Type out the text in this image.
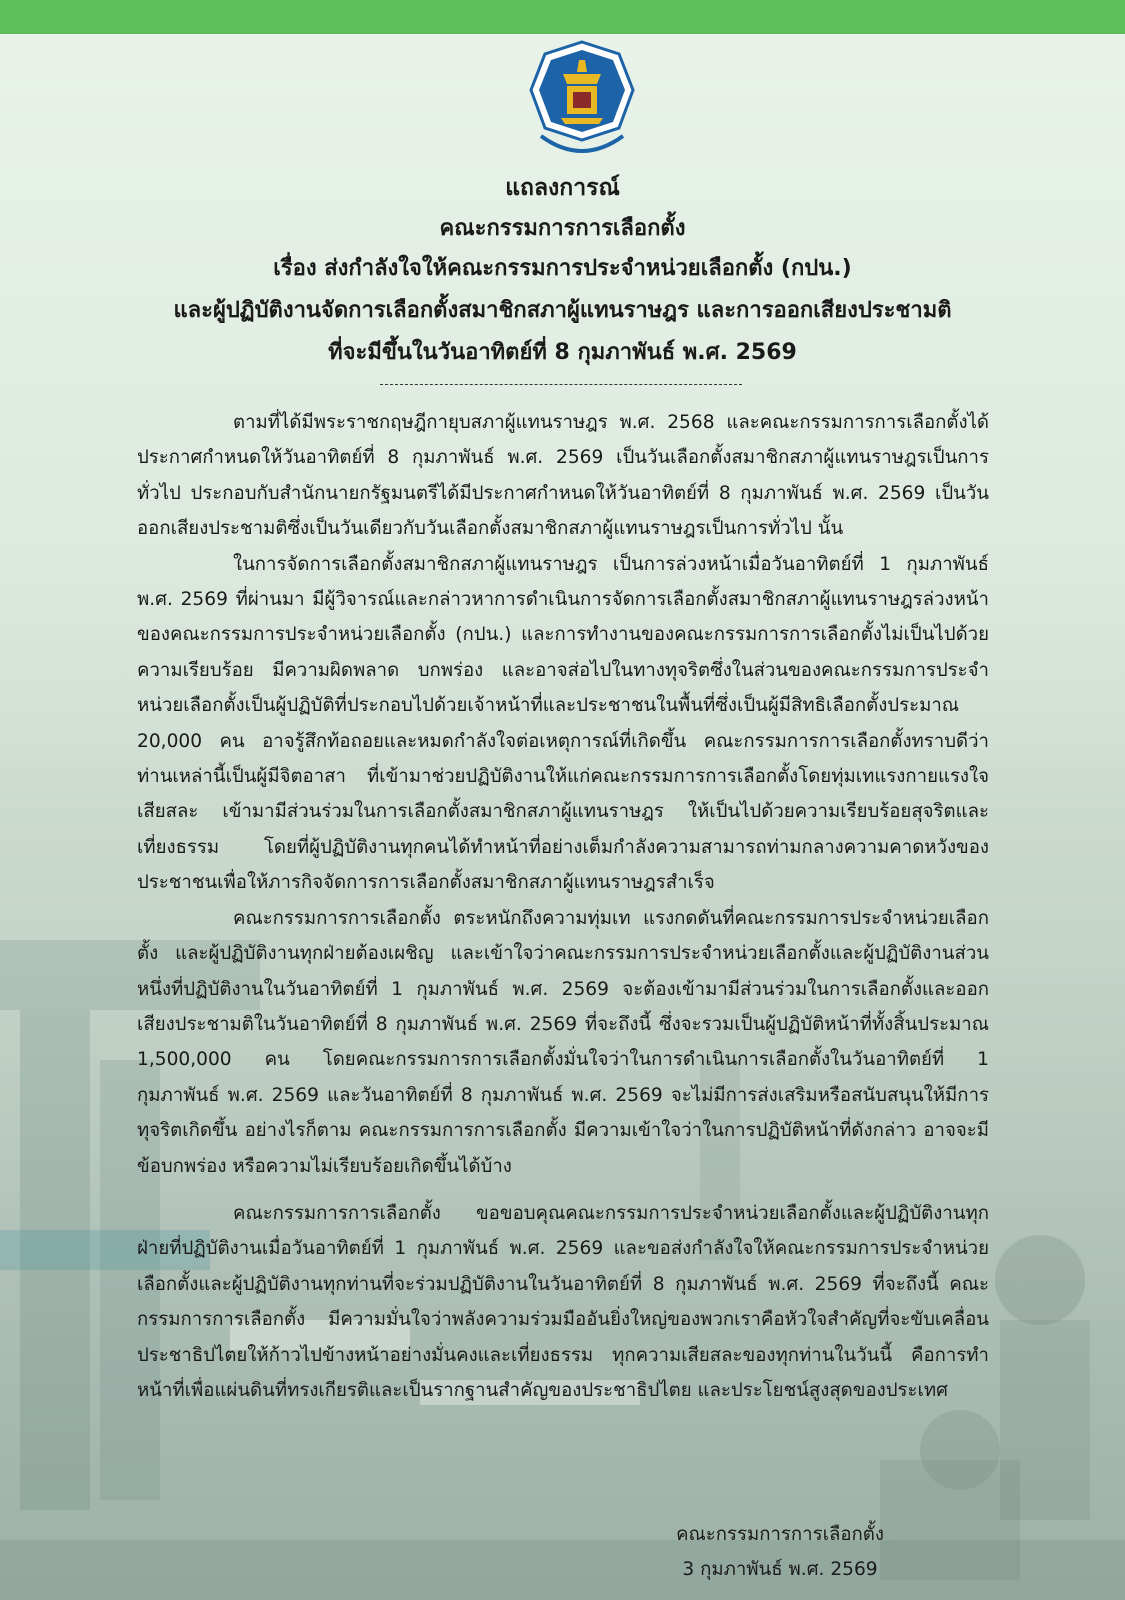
แถลงการณ์
คณะกรรมการการเลือกตั้ง
เรื่อง ส่งกำลังใจให้คณะกรรมการประจำหน่วยเลือกตั้ง (กปน.)
และผู้ปฏิบัติงานจัดการเลือกตั้งสมาชิกสภาผู้แทนราษฎร และการออกเสียงประชามติ
ที่จะมีขึ้นในวันอาทิตย์ที่ 8 กุมภาพันธ์ พ.ศ. 2569

ตามที่ได้มีพระราชกฤษฎีกายุบสภาผู้แทนราษฎร พ.ศ. 2568 และคณะกรรมการการเลือกตั้งได้ประกาศกำหนดให้วันอาทิตย์ที่ 8 กุมภาพันธ์ พ.ศ. 2569 เป็นวันเลือกตั้งสมาชิกสภาผู้แทนราษฎรเป็นการทั่วไป ประกอบกับสำนักนายกรัฐมนตรีได้มีประกาศกำหนดให้วันอาทิตย์ที่ 8 กุมภาพันธ์ พ.ศ. 2569 เป็นวันออกเสียงประชามติซึ่งเป็นวันเดียวกับวันเลือกตั้งสมาชิกสภาผู้แทนราษฎรเป็นการทั่วไป นั้น

ในการจัดการเลือกตั้งสมาชิกสภาผู้แทนราษฎร เป็นการล่วงหน้าเมื่อวันอาทิตย์ที่ 1 กุมภาพันธ์ พ.ศ. 2569 ที่ผ่านมา มีผู้วิจารณ์และกล่าวหาการดำเนินการจัดการเลือกตั้งสมาชิกสภาผู้แทนราษฎรล่วงหน้าของคณะกรรมการประจำหน่วยเลือกตั้ง (กปน.) และการทำงานของคณะกรรมการการเลือกตั้งไม่เป็นไปด้วยความเรียบร้อย มีความผิดพลาด บกพร่อง และอาจส่อไปในทางทุจริตซึ่งในส่วนของคณะกรรมการประจำหน่วยเลือกตั้งเป็นผู้ปฏิบัติที่ประกอบไปด้วยเจ้าหน้าที่และประชาชนในพื้นที่ซึ่งเป็นผู้มีสิทธิเลือกตั้งประมาณ 20,000 คน อาจรู้สึกท้อถอยและหมดกำลังใจต่อเหตุการณ์ที่เกิดขึ้น คณะกรรมการการเลือกตั้งทราบดีว่าท่านเหล่านี้เป็นผู้มีจิตอาสา ที่เข้ามาช่วยปฏิบัติงานให้แก่คณะกรรมการการเลือกตั้งโดยทุ่มเทแรงกายแรงใจ เสียสละ เข้ามามีส่วนร่วมในการเลือกตั้งสมาชิกสภาผู้แทนราษฎร ให้เป็นไปด้วยความเรียบร้อยสุจริตและเที่ยงธรรม โดยที่ผู้ปฏิบัติงานทุกคนได้ทำหน้าที่อย่างเต็มกำลังความสามารถท่ามกลางความคาดหวังของประชาชนเพื่อให้ภารกิจจัดการการเลือกตั้งสมาชิกสภาผู้แทนราษฎรสำเร็จ

คณะกรรมการการเลือกตั้ง ตระหนักถึงความทุ่มเท แรงกดดันที่คณะกรรมการประจำหน่วยเลือกตั้ง และผู้ปฏิบัติงานทุกฝ่ายต้องเผชิญ และเข้าใจว่าคณะกรรมการประจำหน่วยเลือกตั้งและผู้ปฏิบัติงานส่วนหนึ่งที่ปฏิบัติงานในวันอาทิตย์ที่ 1 กุมภาพันธ์ พ.ศ. 2569 จะต้องเข้ามามีส่วนร่วมในการเลือกตั้งและออกเสียงประชามติในวันอาทิตย์ที่ 8 กุมภาพันธ์ พ.ศ. 2569 ที่จะถึงนี้ ซึ่งจะรวมเป็นผู้ปฏิบัติหน้าที่ทั้งสิ้นประมาณ 1,500,000 คน โดยคณะกรรมการการเลือกตั้งมั่นใจว่าในการดำเนินการเลือกตั้งในวันอาทิตย์ที่ 1 กุมภาพันธ์ พ.ศ. 2569 และวันอาทิตย์ที่ 8 กุมภาพันธ์ พ.ศ. 2569 จะไม่มีการส่งเสริมหรือสนับสนุนให้มีการทุจริตเกิดขึ้น อย่างไรก็ตาม คณะกรรมการการเลือกตั้ง มีความเข้าใจว่าในการปฏิบัติหน้าที่ดังกล่าว อาจจะมีข้อบกพร่อง หรือความไม่เรียบร้อยเกิดขึ้นได้บ้าง

คณะกรรมการการเลือกตั้ง ขอขอบคุณคณะกรรมการประจำหน่วยเลือกตั้งและผู้ปฏิบัติงานทุกฝ่ายที่ปฏิบัติงานเมื่อวันอาทิตย์ที่ 1 กุมภาพันธ์ พ.ศ. 2569 และขอส่งกำลังใจให้คณะกรรมการประจำหน่วยเลือกตั้งและผู้ปฏิบัติงานทุกท่านที่จะร่วมปฏิบัติงานในวันอาทิตย์ที่ 8 กุมภาพันธ์ พ.ศ. 2569 ที่จะถึงนี้ คณะกรรมการการเลือกตั้ง มีความมั่นใจว่าพลังความร่วมมืออันยิ่งใหญ่ของพวกเราคือหัวใจสำคัญที่จะขับเคลื่อนประชาธิปไตยให้ก้าวไปข้างหน้าอย่างมั่นคงและเที่ยงธรรม ทุกความเสียสละของทุกท่านในวันนี้ คือการทำหน้าที่เพื่อแผ่นดินที่ทรงเกียรติและเป็นรากฐานสำคัญของประชาธิปไตย และประโยชน์สูงสุดของประเทศ

คณะกรรมการการเลือกตั้ง
3 กุมภาพันธ์ พ.ศ. 2569
